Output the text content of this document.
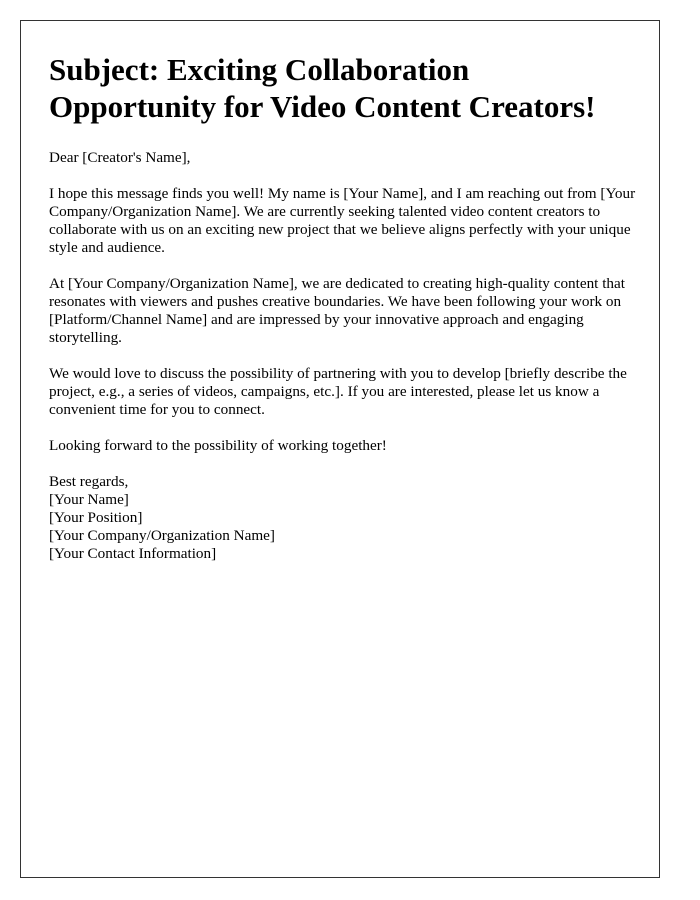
Subject: Exciting Collaboration Opportunity for Video Content Creators!

Dear [Creator's Name],

I hope this message finds you well! My name is [Your Name], and I am reaching out from [Your Company/Organization Name]. We are currently seeking talented video content creators to collaborate with us on an exciting new project that we believe aligns perfectly with your unique style and audience.

At [Your Company/Organization Name], we are dedicated to creating high-quality content that resonates with viewers and pushes creative boundaries. We have been following your work on [Platform/Channel Name] and are impressed by your innovative approach and engaging storytelling.

We would love to discuss the possibility of partnering with you to develop [briefly describe the project, e.g., a series of videos, campaigns, etc.]. If you are interested, please let us know a convenient time for you to connect.

Looking forward to the possibility of working together!

Best regards,
[Your Name]
[Your Position]
[Your Company/Organization Name]
[Your Contact Information]
